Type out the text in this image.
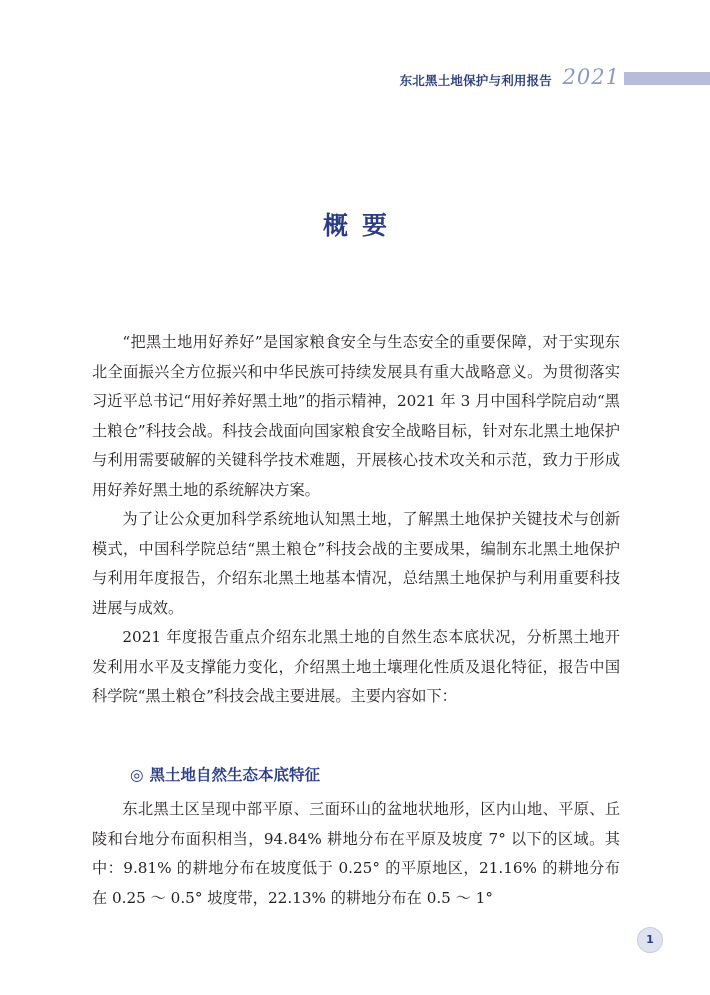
东北黑土地保护与利用报告 2021
概要

“把黑土地用好养好”是国家粮食安全与生态安全的重要保障，对于实现东北全面振兴全方位振兴和中华民族可持续发展具有重大战略意义。为贯彻落实习近平总书记“用好养好黑土地”的指示精神，2021 年 3 月中国科学院启动“黑土粮仓”科技会战。科技会战面向国家粮食安全战略目标，针对东北黑土地保护与利用需要破解的关键科学技术难题，开展核心技术攻关和示范，致力于形成用好养好黑土地的系统解决方案。

为了让公众更加科学系统地认知黑土地，了解黑土地保护关键技术与创新模式，中国科学院总结“黑土粮仓”科技会战的主要成果，编制东北黑土地保护与利用年度报告，介绍东北黑土地基本情况，总结黑土地保护与利用重要科技进展与成效。

2021 年度报告重点介绍东北黑土地的自然生态本底状况，分析黑土地开发利用水平及支撑能力变化，介绍黑土地土壤理化性质及退化特征，报告中国科学院“黑土粮仓”科技会战主要进展。主要内容如下：

◎ 黑土地自然生态本底特征

东北黑土区呈现中部平原、三面环山的盆地状地形，区内山地、平原、丘陵和台地分布面积相当，94.84% 耕地分布在平原及坡度 7° 以下的区域。其中：9.81% 的耕地分布在坡度低于 0.25° 的平原地区，21.16% 的耕地分布在 0.25 ～ 0.5° 坡度带，22.13% 的耕地分布在 0.5 ～ 1°

1
